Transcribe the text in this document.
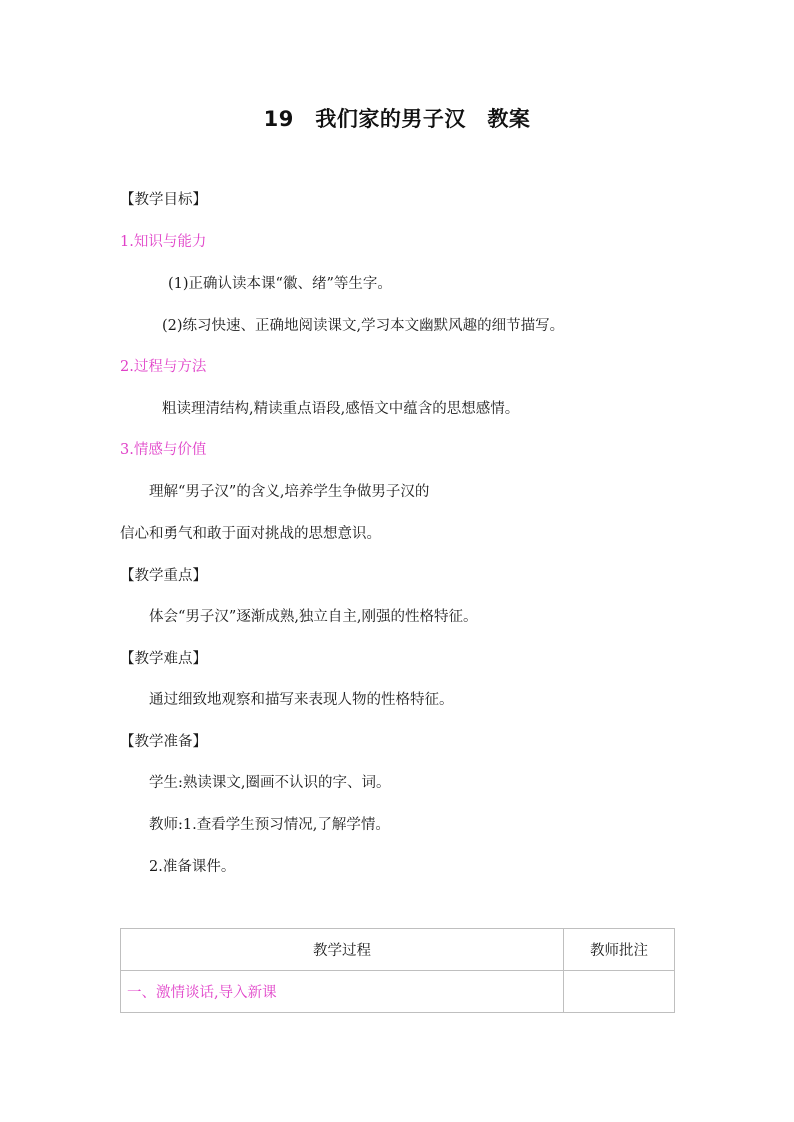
19　我们家的男子汉　教案
【教学目标】
1.知识与能力
(1)正确认读本课“徽、绪”等生字。
(2)练习快速、正确地阅读课文,学习本文幽默风趣的细节描写。
2.过程与方法
粗读理清结构,精读重点语段,感悟文中蕴含的思想感情。
3.情感与价值
理解“男子汉”的含义,培养学生争做男子汉的
信心和勇气和敢于面对挑战的思想意识。
【教学重点】
体会“男子汉”逐渐成熟,独立自主,刚强的性格特征。
【教学难点】
通过细致地观察和描写来表现人物的性格特征。
【教学准备】
学生:熟读课文,圈画不认识的字、词。
教师:1.查看学生预习情况,了解学情。
2.准备课件。
教学过程	教师批注
一、激情谈话,导入新课	
